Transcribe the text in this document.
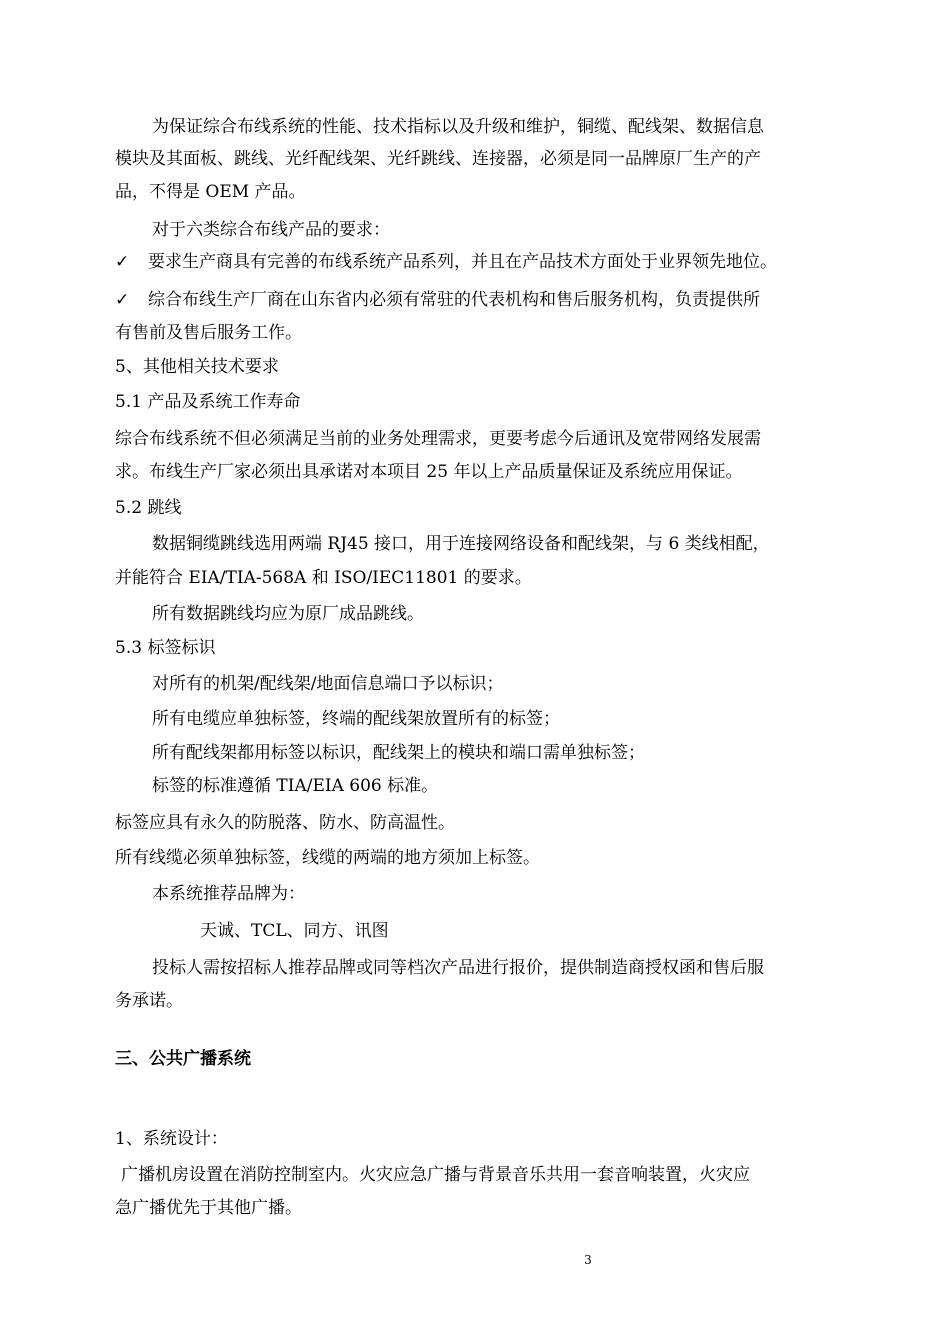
为保证综合布线系统的性能、技术指标以及升级和维护，铜缆、配线架、数据信息
模块及其面板、跳线、光纤配线架、光纤跳线、连接器，必须是同一品牌原厂生产的产
品，不得是 OEM 产品。
对于六类综合布线产品的要求：
✓ 要求生产商具有完善的布线系统产品系列，并且在产品技术方面处于业界领先地位。
✓ 综合布线生产厂商在山东省内必须有常驻的代表机构和售后服务机构，负责提供所
有售前及售后服务工作。
5、其他相关技术要求
5.1 产品及系统工作寿命
综合布线系统不但必须满足当前的业务处理需求，更要考虑今后通讯及宽带网络发展需
求。布线生产厂家必须出具承诺对本项目 25 年以上产品质量保证及系统应用保证。
5.2 跳线
数据铜缆跳线选用两端 RJ45 接口，用于连接网络设备和配线架，与 6 类线相配，
并能符合 EIA/TIA-568A 和 ISO/IEC11801 的要求。
所有数据跳线均应为原厂成品跳线。
5.3 标签标识
对所有的机架/配线架/地面信息端口予以标识；
所有电缆应单独标签，终端的配线架放置所有的标签；
所有配线架都用标签以标识，配线架上的模块和端口需单独标签；
标签的标准遵循 TIA/EIA 606 标准。
标签应具有永久的防脱落、防水、防高温性。
所有线缆必须单独标签，线缆的两端的地方须加上标签。
本系统推荐品牌为：
天诚、TCL、同方、讯图
投标人需按招标人推荐品牌或同等档次产品进行报价，提供制造商授权函和售后服
务承诺。
三、公共广播系统
1、系统设计：
广播机房设置在消防控制室内。火灾应急广播与背景音乐共用一套音响装置，火灾应
急广播优先于其他广播。
3
